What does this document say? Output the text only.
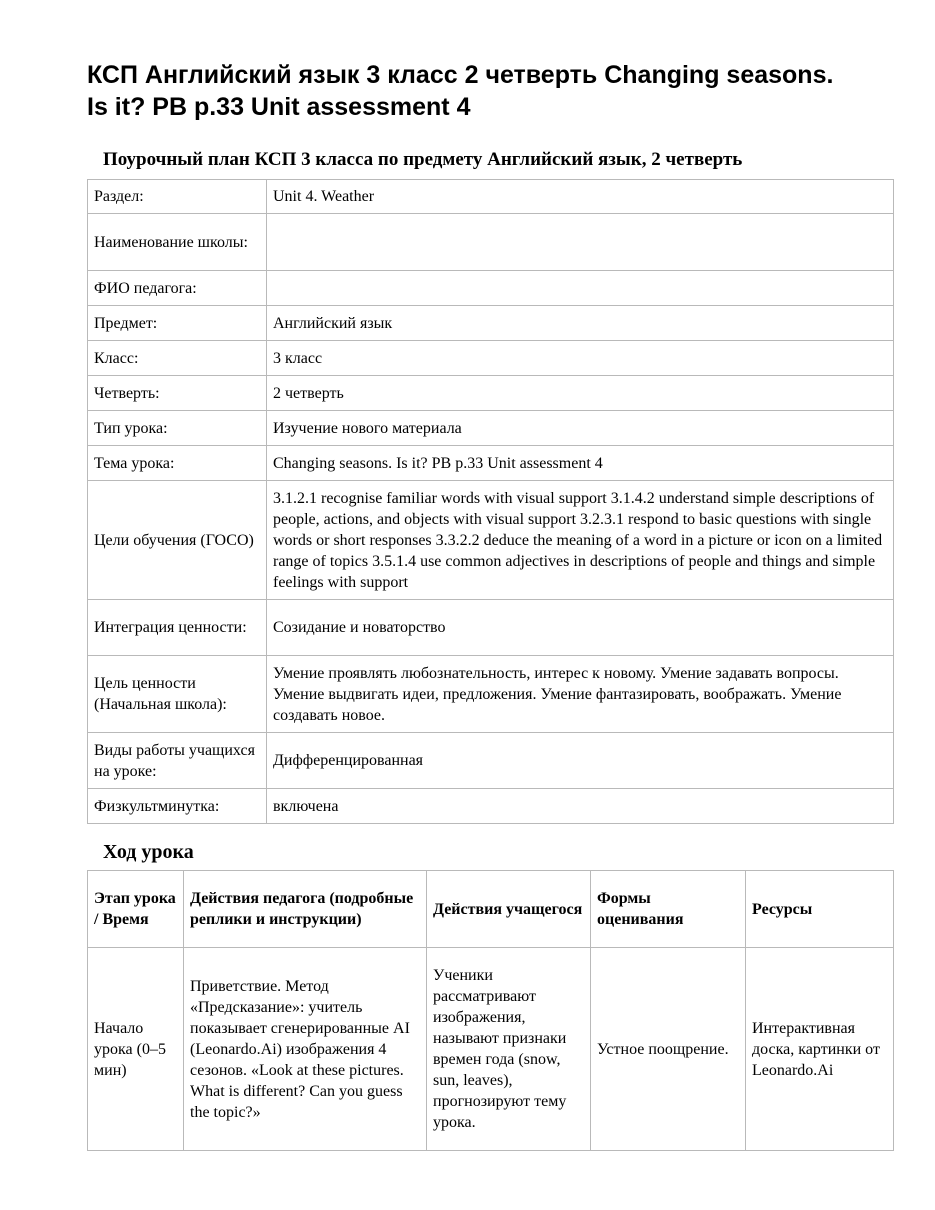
КСП Английский язык 3 класс 2 четверть Changing seasons. Is it? PB p.33 Unit assessment 4
Поурочный план КСП 3 класса по предмету Английский язык, 2 четверть
Раздел:	Unit 4. Weather
Наименование школы:	
ФИО педагога:	
Предмет:	Английский язык
Класс:	3 класс
Четверть:	2 четверть
Тип урока:	Изучение нового материала
Тема урока:	Changing seasons. Is it? PB p.33 Unit assessment 4
Цели обучения (ГОСО)	3.1.2.1 recognise familiar words with visual support 3.1.4.2 understand simple descriptions of people, actions, and objects with visual support 3.2.3.1 respond to basic questions with single words or short responses 3.3.2.2 deduce the meaning of a word in a picture or icon on a limited range of topics 3.5.1.4 use common adjectives in descriptions of people and things and simple feelings with support
Интеграция ценности:	Созидание и новаторство
Цель ценности (Начальная школа):	Умение проявлять любознательность, интерес к новому. Умение задавать вопросы. Умение выдвигать идеи, предложения. Умение фантазировать, воображать. Умение создавать новое.
Виды работы учащихся на уроке:	Дифференцированная
Физкультминутка:	включена
Ход урока
Этап урока / Время	Действия педагога (подробные реплики и инструкции)	Действия учащегося	Формы оценивания	Ресурсы
Начало урока (0–5 мин)	Приветствие. Метод «Предсказание»: учитель показывает сгенерированные AI (Leonardo.Ai) изображения 4 сезонов. «Look at these pictures. What is different? Can you guess the topic?»	Ученики рассматривают изображения, называют признаки времен года (snow, sun, leaves), прогнозируют тему урока.	Устное поощрение.	Интерактивная доска, картинки от Leonardo.Ai
